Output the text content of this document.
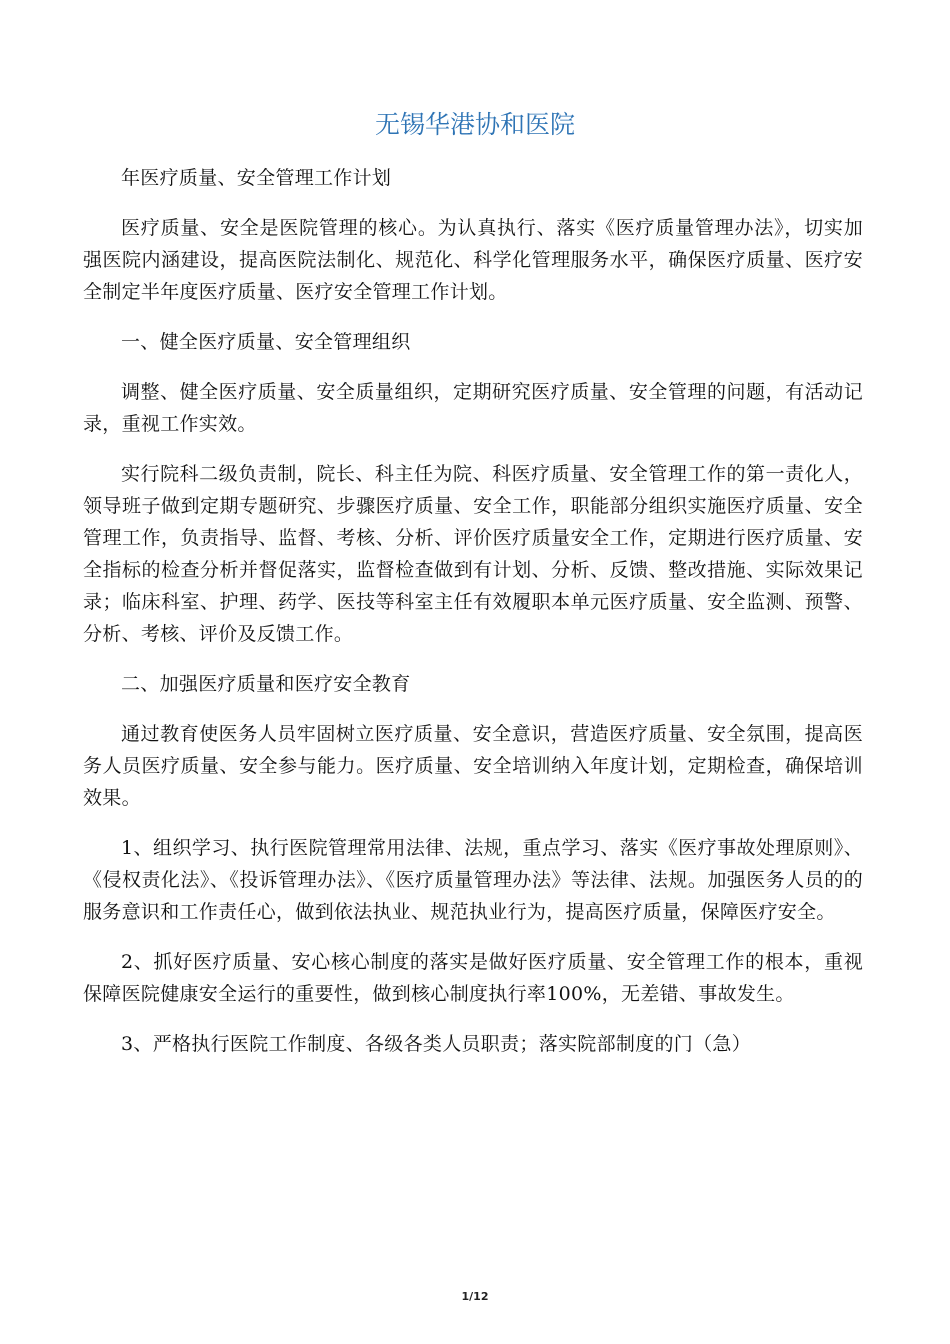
无锡华港协和医院

年医疗质量、安全管理工作计划

医疗质量、安全是医院管理的核心。为认真执行、落实《医疗质量管理办法》，切实加强医院内涵建设，提高医院法制化、规范化、科学化管理服务水平，确保医疗质量、医疗安全制定半年度医疗质量、医疗安全管理工作计划。

一、健全医疗质量、安全管理组织

调整、健全医疗质量、安全质量组织，定期研究医疗质量、安全管理的问题，有活动记录，重视工作实效。

实行院科二级负责制，院长、科主任为院、科医疗质量、安全管理工作的第一责化人，领导班子做到定期专题研究、步骤医疗质量、安全工作，职能部分组织实施医疗质量、安全管理工作，负责指导、监督、考核、分析、评价医疗质量安全工作，定期进行医疗质量、安全指标的检查分析并督促落实，监督检查做到有计划、分析、反馈、整改措施、实际效果记录；临床科室、护理、药学、医技等科室主任有效履职本单元医疗质量、安全监测、预警、分析、考核、评价及反馈工作。

二、加强医疗质量和医疗安全教育

通过教育使医务人员牢固树立医疗质量、安全意识，营造医疗质量、安全氛围，提高医务人员医疗质量、安全参与能力。医疗质量、安全培训纳入年度计划，定期检查，确保培训效果。

1、组织学习、执行医院管理常用法律、法规，重点学习、落实《医疗事故处理原则》、《侵权责化法》、《投诉管理办法》、《医疗质量管理办法》等法律、法规。加强医务人员的的服务意识和工作责任心，做到依法执业、规范执业行为，提高医疗质量，保障医疗安全。

2、抓好医疗质量、安心核心制度的落实是做好医疗质量、安全管理工作的根本，重视保障医院健康安全运行的重要性，做到核心制度执行率100%，无差错、事故发生。

3、严格执行医院工作制度、各级各类人员职责；落实院部制度的门（急）

1/12
